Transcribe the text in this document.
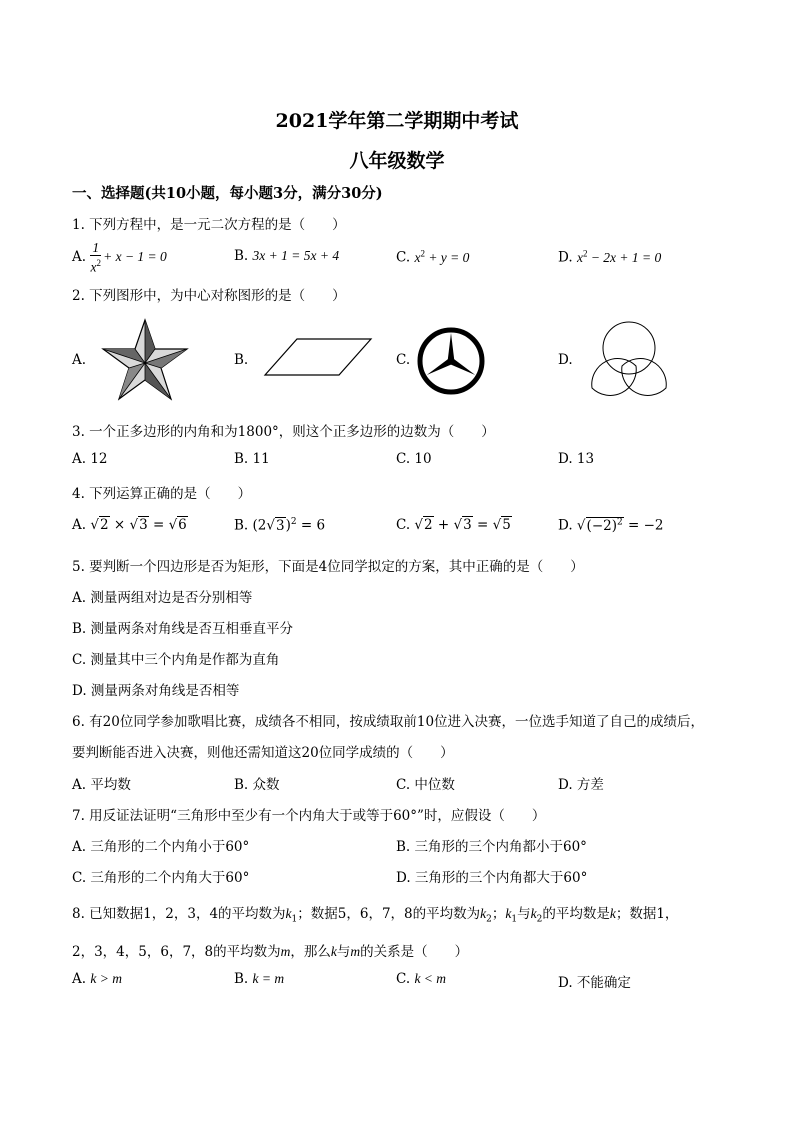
2021学年第二学期期中考试
八年级数学
一、选择题(共10小题，每小题3分，满分30分)
1. 下列方程中，是一元二次方程的是（　　）
A. $\frac{1}{x^2} + x - 1 = 0$	B. 3x + 1 = 5x + 4	C. $x^2 + y = 0$	D. $x^2 - 2x + 1 = 0$
2. 下列图形中，为中心对称图形的是（　　）
A.	B.	C.	D.
3. 一个正多边形的内角和为1800°，则这个正多边形的边数为（　　）
A. 12	B. 11	C. 10	D. 13
4. 下列运算正确的是（　　）
A. √2 × √3 = √6	B. $(2√3)^2 = 6$	C. √2 + √3 = √5	D. $√(-2)^2 = -2$
5. 要判断一个四边形是否为矩形，下面是4位同学拟定的方案，其中正确的是（　　）
A. 测量两组对边是否分别相等
B. 测量两条对角线是否互相垂直平分
C. 测量其中三个内角是作都为直角
D. 测量两条对角线是否相等
6. 有20位同学参加歌唱比赛，成绩各不相同，按成绩取前10位进入决赛，一位选手知道了自己的成绩后，
要判断能否进入决赛，则他还需知道这20位同学成绩的（　　）
A. 平均数	B. 众数	C. 中位数	D. 方差
7. 用反证法证明“三角形中至少有一个内角大于或等于60°”时，应假设（　　）
A. 三角形的二个内角小于60°	B. 三角形的三个内角都小于60°
C. 三角形的二个内角大于60°	D. 三角形的三个内角都大于60°
8. 已知数据1，2，3，4的平均数为$k_1$；数据5，6，7，8的平均数为$k_2$；$k_1$与$k_2$的平均数是k；数据1，
2，3，4，5，6，7，8的平均数为m，那么k与m的关系是（　　）
A. k > m	B. k = m	C. k < m	D. 不能确定
